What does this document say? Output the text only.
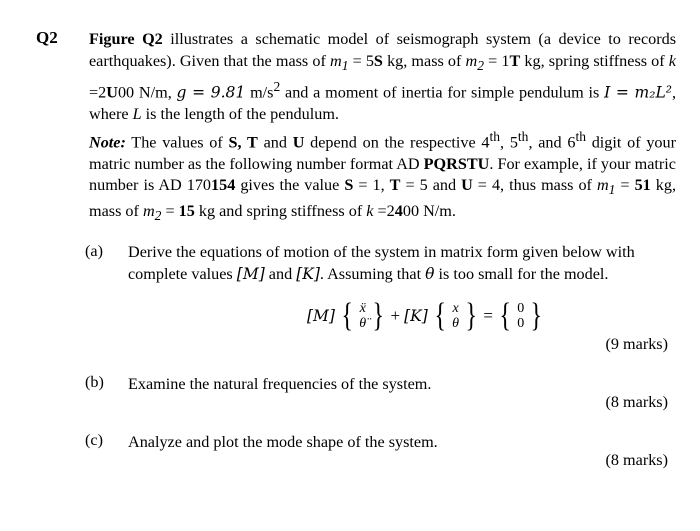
Q2 Figure Q2 illustrates a schematic model of seismograph system (a device to records earthquakes). Given that the mass of $m_1 = 5S$ kg, mass of $m_2 = 1T$ kg, spring stiffness of k =2U00 N/m, g = 9.81 $m/s^2$ and a moment of inertia for simple pendulum is I = m₂L², where L is the length of the pendulum.
Note: The values of S, T and U depend on the respective 4th, 5th, and 6th digit of your matric number as the following number format AD PQRSTU. For example, if your matric number is AD 170154 gives the value S = 1, T = 5 and U = 4, thus mass of $m_1 = 51$ kg, mass of $m_2 = 15$ kg and spring stiffness of k =2400 N/m.
(a) Derive the equations of motion of the system in matrix form given below with complete values [M] and [K]. Assuming that θ is too small for the model.
[M] { ẍ
θ̈ } + [K] { x
θ } = { 0
0 }
(9 marks)
(b) Examine the natural frequencies of the system.
(8 marks)
(c) Analyze and plot the mode shape of the system.
(8 marks)
